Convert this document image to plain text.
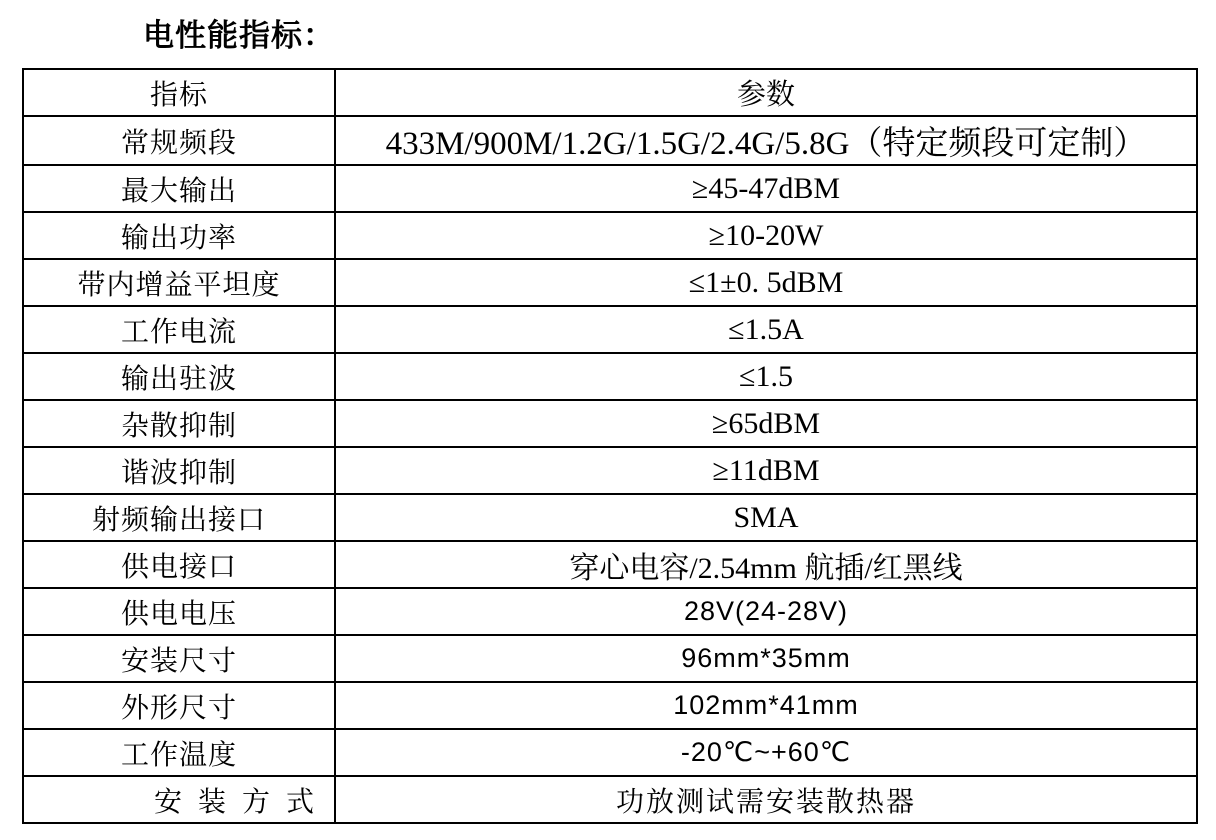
电性能指标：
指标	参数
常规频段	433M/900M/1.2G/1.5G/2.4G/5.8G（特定频段可定制）
最大输出	≥45-47dBM
输出功率	≥10-20W
带内增益平坦度	≤1±0. 5dBM
工作电流	≤1.5A
输出驻波	≤1.5
杂散抑制	≥65dBM
谐波抑制	≥11dBM
射频输出接口	SMA
供电接口	穿心电容/2.54mm 航插/红黑线
供电电压	28V(24-28V)
安装尺寸	96mm*35mm
外形尺寸	102mm*41mm
工作温度	-20℃~+60℃
安装方式	功放测试需安装散热器
